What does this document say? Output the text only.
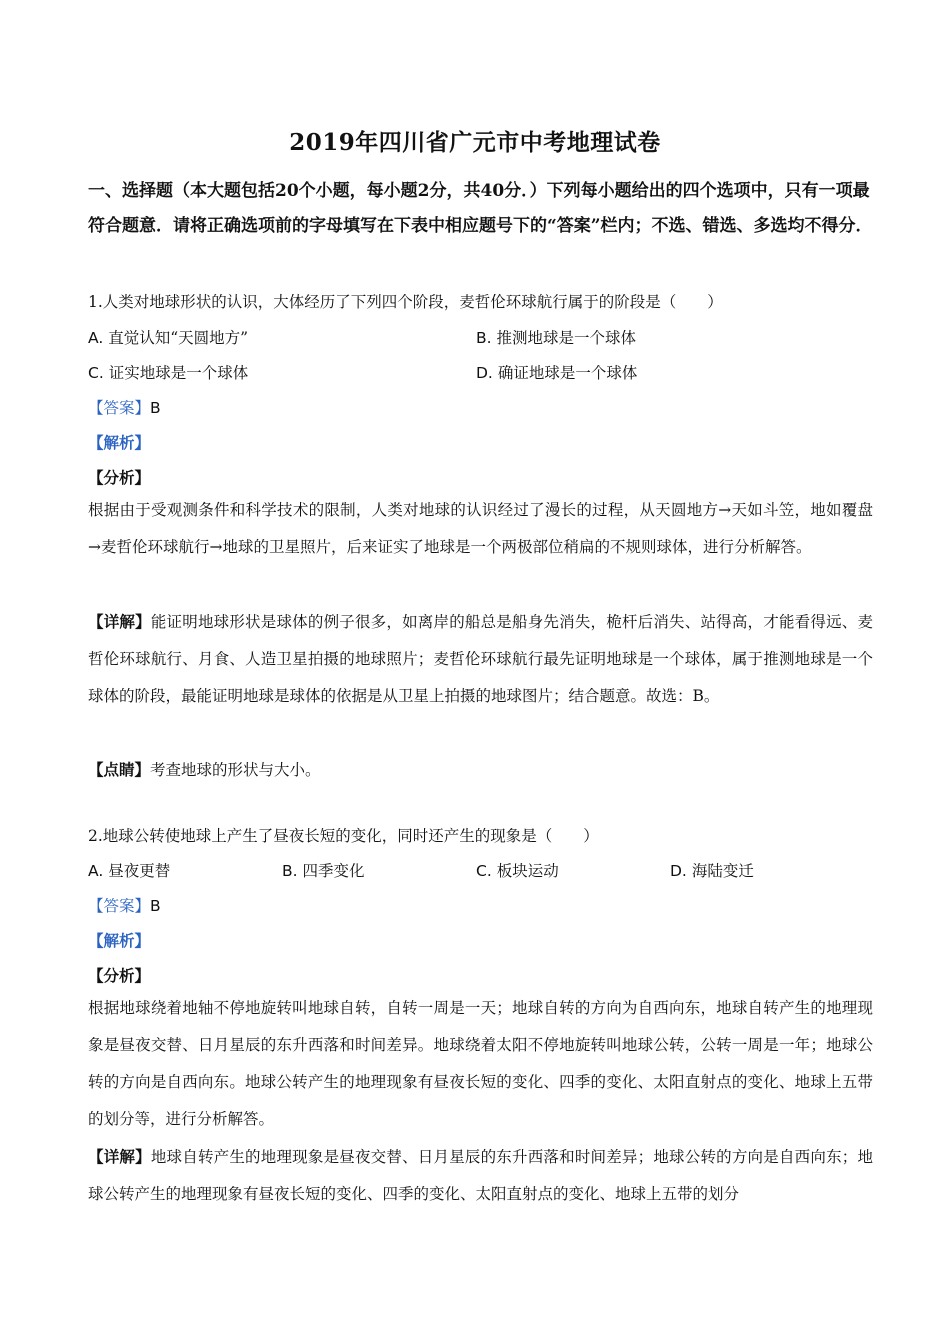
2019年四川省广元市中考地理试卷
一、选择题（本大题包括20个小题，每小题2分，共40分．）下列每小题给出的四个选项中，只有一项最符合题意．请将正确选项前的字母填写在下表中相应题号下的“答案”栏内；不选、错选、多选均不得分．
1.人类对地球形状的认识，大体经历了下列四个阶段，麦哲伦环球航行属于的阶段是（　　）
A. 直觉认知“天圆地方”	B. 推测地球是一个球体
C. 证实地球是一个球体	D. 确证地球是一个球体
【答案】B
【解析】
【分析】
根据由于受观测条件和科学技术的限制，人类对地球的认识经过了漫长的过程，从天圆地方→天如斗笠，地如覆盘→麦哲伦环球航行→地球的卫星照片，后来证实了地球是一个两极部位稍扁的不规则球体，进行分析解答。
【详解】能证明地球形状是球体的例子很多，如离岸的船总是船身先消失，桅杆后消失、站得高，才能看得远、麦哲伦环球航行、月食、人造卫星拍摄的地球照片；麦哲伦环球航行最先证明地球是一个球体，属于推测地球是一个球体的阶段，最能证明地球是球体的依据是从卫星上拍摄的地球图片；结合题意。故选：B。
【点睛】考查地球的形状与大小。
2.地球公转使地球上产生了昼夜长短的变化，同时还产生的现象是（　　）
A. 昼夜更替	B. 四季变化	C. 板块运动	D. 海陆变迁
【答案】B
【解析】
【分析】
根据地球绕着地轴不停地旋转叫地球自转，自转一周是一天；地球自转的方向为自西向东，地球自转产生的地理现象是昼夜交替、日月星辰的东升西落和时间差异。地球绕着太阳不停地旋转叫地球公转，公转一周是一年；地球公转的方向是自西向东。地球公转产生的地理现象有昼夜长短的变化、四季的变化、太阳直射点的变化、地球上五带的划分等，进行分析解答。
【详解】地球自转产生的地理现象是昼夜交替、日月星辰的东升西落和时间差异；地球公转的方向是自西向东；地球公转产生的地理现象有昼夜长短的变化、四季的变化、太阳直射点的变化、地球上五带的划分
